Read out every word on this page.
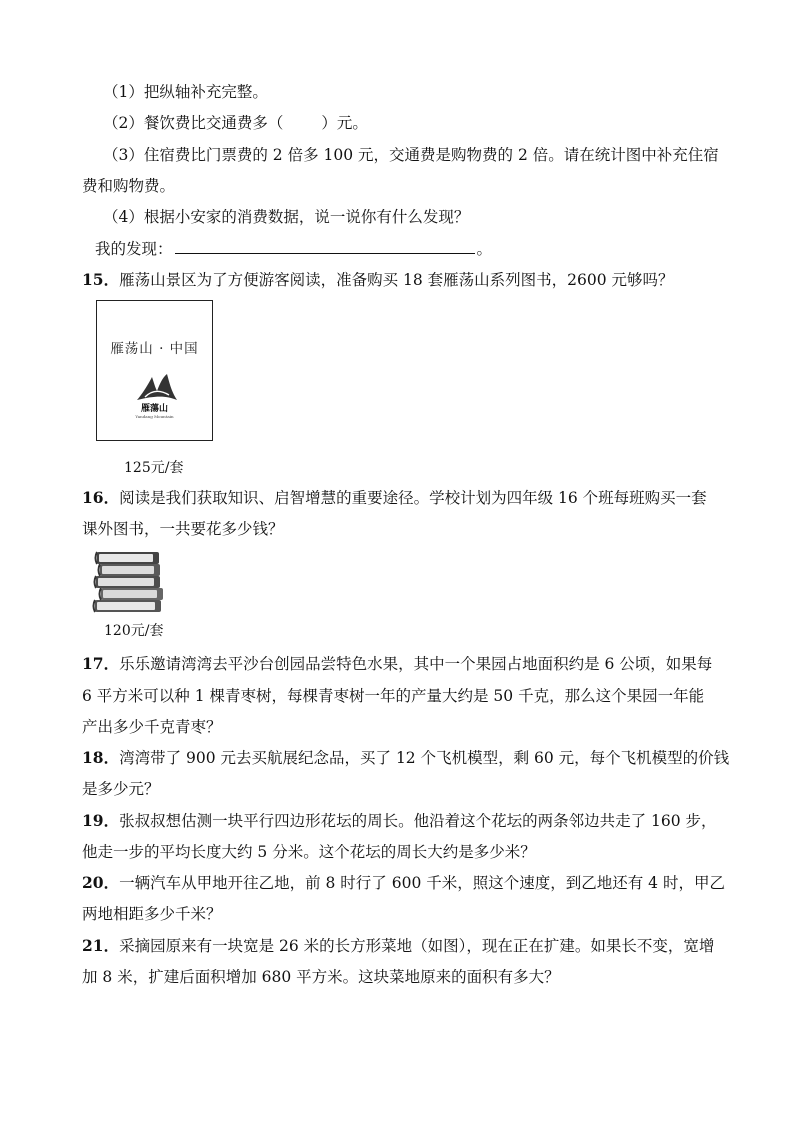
（1）把纵轴补充完整。
（2）餐饮费比交通费多（ ）元。
（3）住宿费比门票费的 2 倍多 100 元，交通费是购物费的 2 倍。请在统计图中补充住宿
费和购物费。
（4）根据小安家的消费数据，说一说你有什么发现？
我的发现：	。
15．雁荡山景区为了方便游客阅读，准备购买 18 套雁荡山系列图书，2600 元够吗？
雁荡山 · 中国
雁蕩山
Yandang Mountain
125元/套
16．阅读是我们获取知识、启智增慧的重要途径。学校计划为四年级 16 个班每班购买一套
课外图书，一共要花多少钱？
120元/套
17．乐乐邀请湾湾去平沙台创园品尝特色水果，其中一个果园占地面积约是 6 公顷，如果每
6 平方米可以种 1 棵青枣树，每棵青枣树一年的产量大约是 50 千克，那么这个果园一年能
产出多少千克青枣？
18．湾湾带了 900 元去买航展纪念品，买了 12 个飞机模型，剩 60 元，每个飞机模型的价钱
是多少元？
19．张叔叔想估测一块平行四边形花坛的周长。他沿着这个花坛的两条邻边共走了 160 步，
他走一步的平均长度大约 5 分米。这个花坛的周长大约是多少米？
20．一辆汽车从甲地开往乙地，前 8 时行了 600 千米，照这个速度，到乙地还有 4 时，甲乙
两地相距多少千米？
21．采摘园原来有一块宽是 26 米的长方形菜地（如图），现在正在扩建。如果长不变，宽增
加 8 米，扩建后面积增加 680 平方米。这块菜地原来的面积有多大？
